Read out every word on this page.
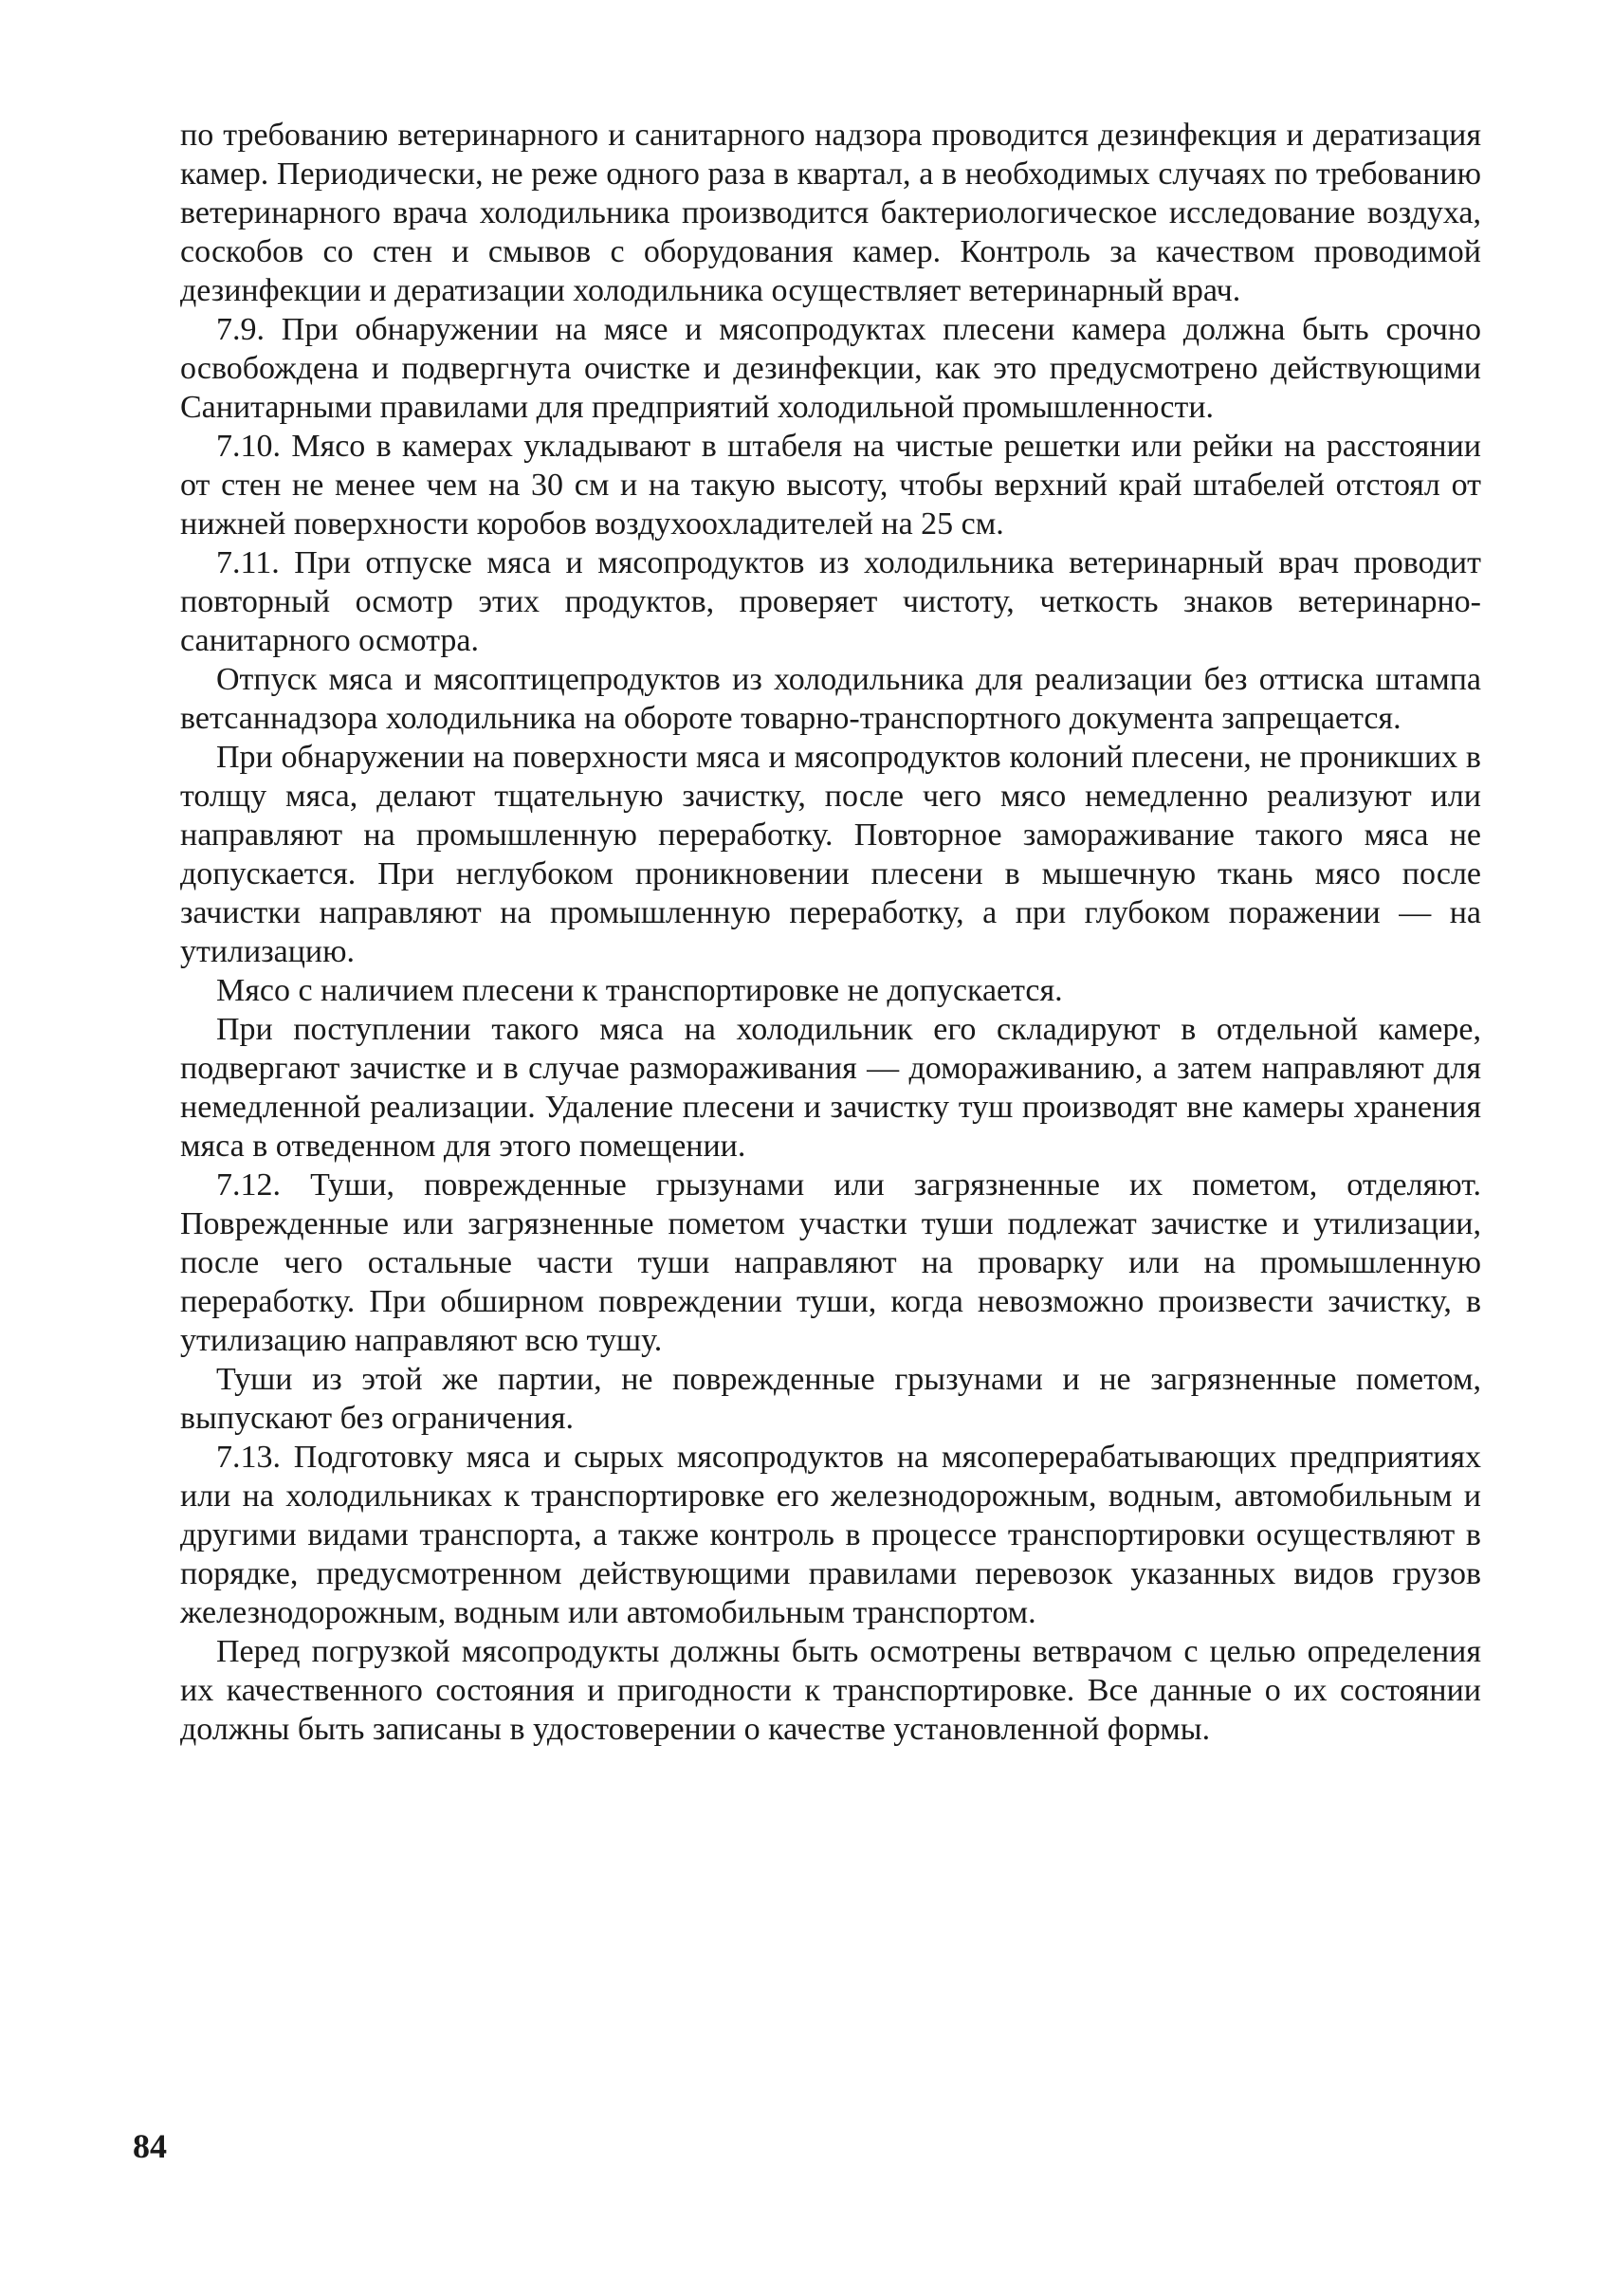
по требованию ветеринарного и санитарного надзора проводится дезинфекция и дератизация камер. Периодически, не реже одного раза в квартал, а в необходимых случаях по требованию ветеринарного врача холодильника производится бактериологическое исследование воздуха, соскобов со стен и смывов с оборудования камер. Контроль за качеством проводимой дезинфекции и дератизации холодильника осуществляет ветеринарный врач.

7.9. При обнаружении на мясе и мясопродуктах плесени камера должна быть срочно освобождена и подвергнута очистке и дезинфекции, как это предусмотрено действующими Санитарными правилами для предприятий холодильной промышленности.

7.10. Мясо в камерах укладывают в штабеля на чистые решетки или рейки на расстоянии от стен не менее чем на 30 см и на такую высоту, чтобы верхний край штабелей отстоял от нижней поверхности коробов воздухоохладителей на 25 см.

7.11. При отпуске мяса и мясопродуктов из холодильника ветеринарный врач проводит повторный осмотр этих продуктов, проверяет чистоту, четкость знаков ветеринарно-санитарного осмотра.

Отпуск мяса и мясоптицепродуктов из холодильника для реализации без оттиска штампа ветсаннадзора холодильника на обороте товарно-транспортного документа запрещается.

При обнаружении на поверхности мяса и мясопродуктов колоний плесени, не проникших в толщу мяса, делают тщательную зачистку, после чего мясо немедленно реализуют или направляют на промышленную переработку. Повторное замораживание такого мяса не допускается. При неглубоком проникновении плесени в мышечную ткань мясо после зачистки направляют на промышленную переработку, а при глубоком поражении — на утилизацию.

Мясо с наличием плесени к транспортировке не допускается.

При поступлении такого мяса на холодильник его складируют в отдельной камере, подвергают зачистке и в случае размораживания — домораживанию, а затем направляют для немедленной реализации. Удаление плесени и зачистку туш производят вне камеры хранения мяса в отведенном для этого помещении.

7.12. Туши, поврежденные грызунами или загрязненные их пометом, отделяют. Поврежденные или загрязненные пометом участки туши подлежат зачистке и утилизации, после чего остальные части туши направляют на проварку или на промышленную переработку. При обширном повреждении туши, когда невозможно произвести зачистку, в утилизацию направляют всю тушу.

Туши из этой же партии, не поврежденные грызунами и не загрязненные пометом, выпускают без ограничения.

7.13. Подготовку мяса и сырых мясопродуктов на мясоперерабатывающих предприятиях или на холодильниках к транспортировке его железнодорожным, водным, автомобильным и другими видами транспорта, а также контроль в процессе транспортировки осуществляют в порядке, предусмотренном действующими правилами перевозок указанных видов грузов железнодорожным, водным или автомобильным транспортом.

Перед погрузкой мясопродукты должны быть осмотрены ветврачом с целью определения их качественного состояния и пригодности к транспортировке. Все данные о их состоянии должны быть записаны в удостоверении о качестве установленной формы.

84
